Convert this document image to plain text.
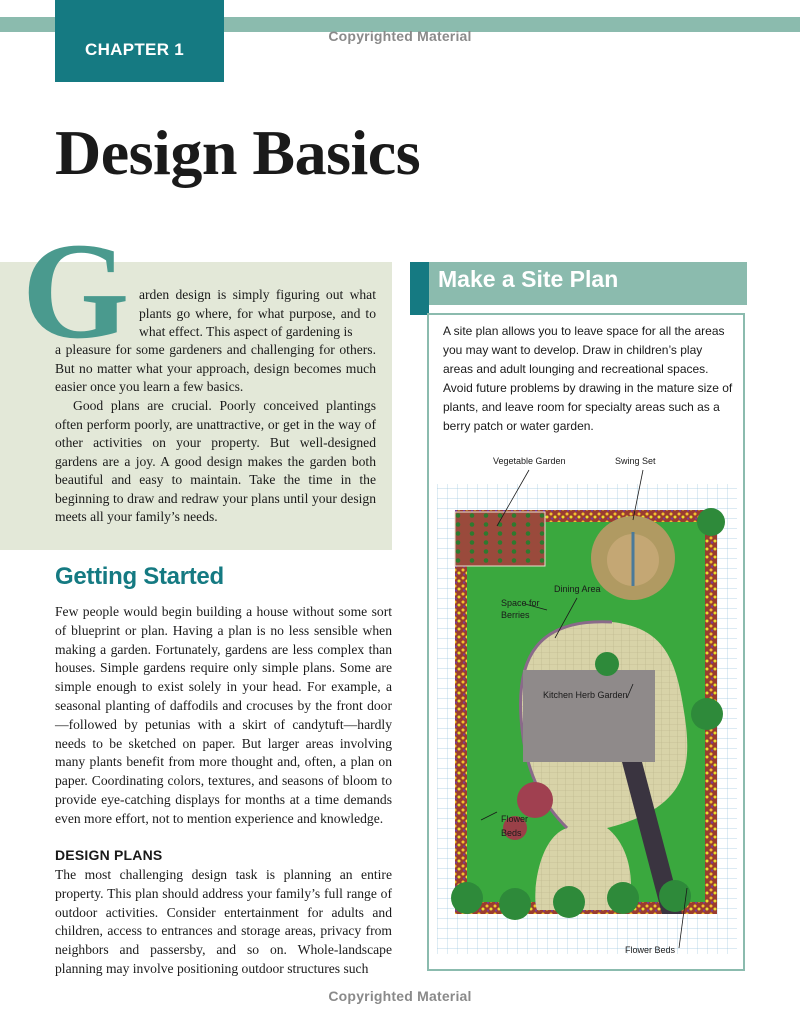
CHAPTER 1
Copyrighted Material
Design Basics
G arden design is simply figuring out what plants go where, for what purpose, and to what effect. This aspect of gardening is

a pleasure for some gardeners and challenging for others. But no matter what your approach, design becomes much easier once you learn a few basics.

Good plans are crucial. Poorly conceived plantings often perform poorly, are unattractive, or get in the way of other activities on your property. But well-designed gardens are a joy. A good design makes the garden both beautiful and easy to maintain. Take the time in the beginning to draw and redraw your plans until your design meets all your family’s needs.

Getting Started

Few people would begin building a house without some sort of blueprint or plan. Having a plan is no less sensible when making a garden. Fortunately, gardens are less complex than houses. Simple gardens require only simple plans. Some are simple enough to exist solely in your head. For example, a seasonal planting of daffodils and crocuses by the front door—followed by petunias with a skirt of candytuft—hardly needs to be sketched on paper. But larger areas involving many plants benefit from more thought and, often, a plan on paper. Coordinating colors, textures, and seasons of bloom to provide eye-catching displays for months at a time demands even more effort, not to mention experience and knowledge.

DESIGN PLANS

The most challenging design task is planning an entire property. This plan should address your family’s full range of outdoor activities. Consider entertainment for adults and children, access to entrances and storage areas, privacy from neighbors and passersby, and so on. Whole-landscape planning may involve positioning outdoor structures such

Make a Site Plan

A site plan allows you to leave space for all the areas you may want to develop. Draw in children’s play areas and adult lounging and recreational spaces. Avoid future problems by drawing in the mature size of plants, and leave room for specialty areas such as a berry patch or water garden.

Vegetable Garden	Swing Set
Dining Area
Space for
Berries
Kitchen Herb Garden
Flower
Beds
Flower Beds
Copyrighted Material
